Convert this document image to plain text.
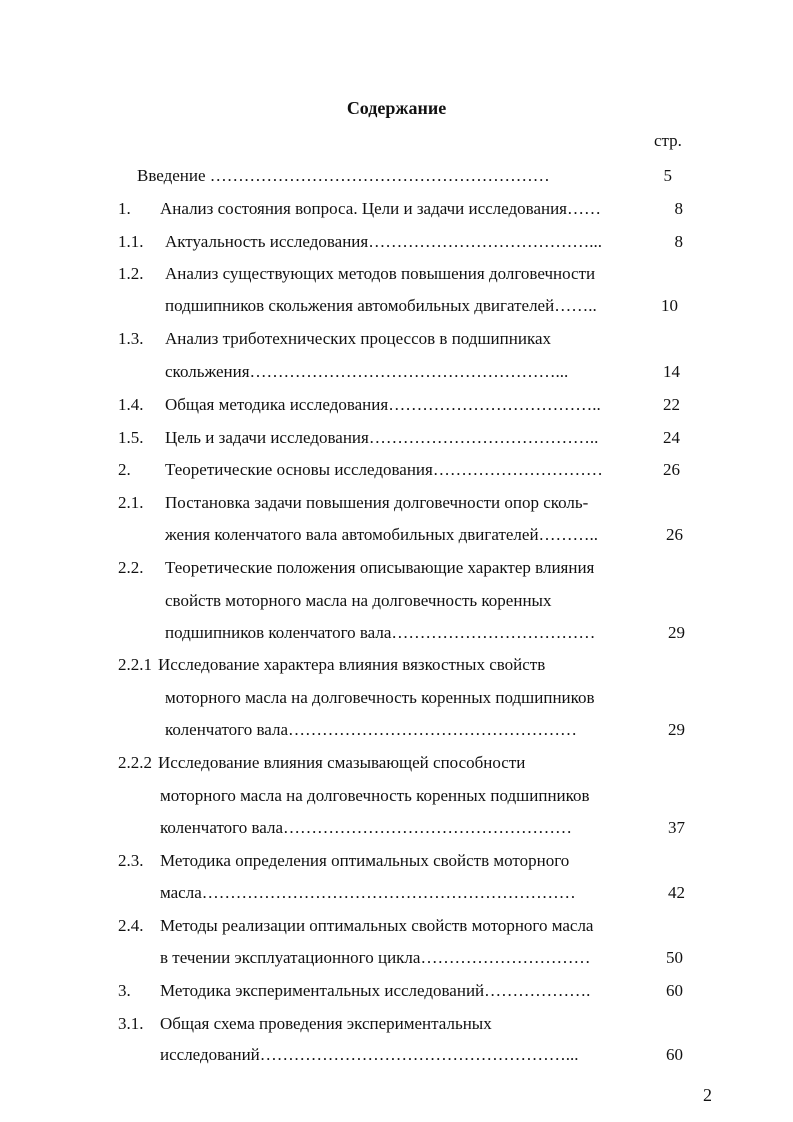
Содержание
стр.
Введение ……………………………………………………	5
1. Анализ состояния вопроса. Цели и задачи исследования……	8
1.1. Актуальность исследования…………………………………...	8
1.2. Анализ существующих методов повышения долговечности
подшипников скольжения автомобильных двигателей……..	10
1.3. Анализ триботехнических процессов в подшипниках
скольжения………………………………………………...	14
1.4. Общая методика исследования………………………………..	22
1.5. Цель и задачи исследования…………………………………..	24
2. Теоретические основы исследования…………………………	26
2.1. Постановка задачи повышения долговечности опор сколь-
жения коленчатого вала автомобильных двигателей………..	26
2.2. Теоретические положения описывающие характер влияния
свойств моторного масла на долговечность коренных
подшипников коленчатого вала………………………………	29
2.2.1 Исследование характера влияния вязкостных свойств
моторного масла на долговечность коренных подшипников
коленчатого вала……………………………………………	29
2.2.2 Исследование влияния смазывающей способности
моторного масла на долговечность коренных подшипников
коленчатого вала……………………………………………	37
2.3. Методика определения оптимальных свойств моторного
масла…………………………………………………………	42
2.4. Методы реализации оптимальных свойств моторного масла
в течении эксплуатационного цикла…………………………	50
3. Методика экспериментальных исследований……………….	60
3.1. Общая схема проведения экспериментальных
исследований………………………………………………...	60
2
